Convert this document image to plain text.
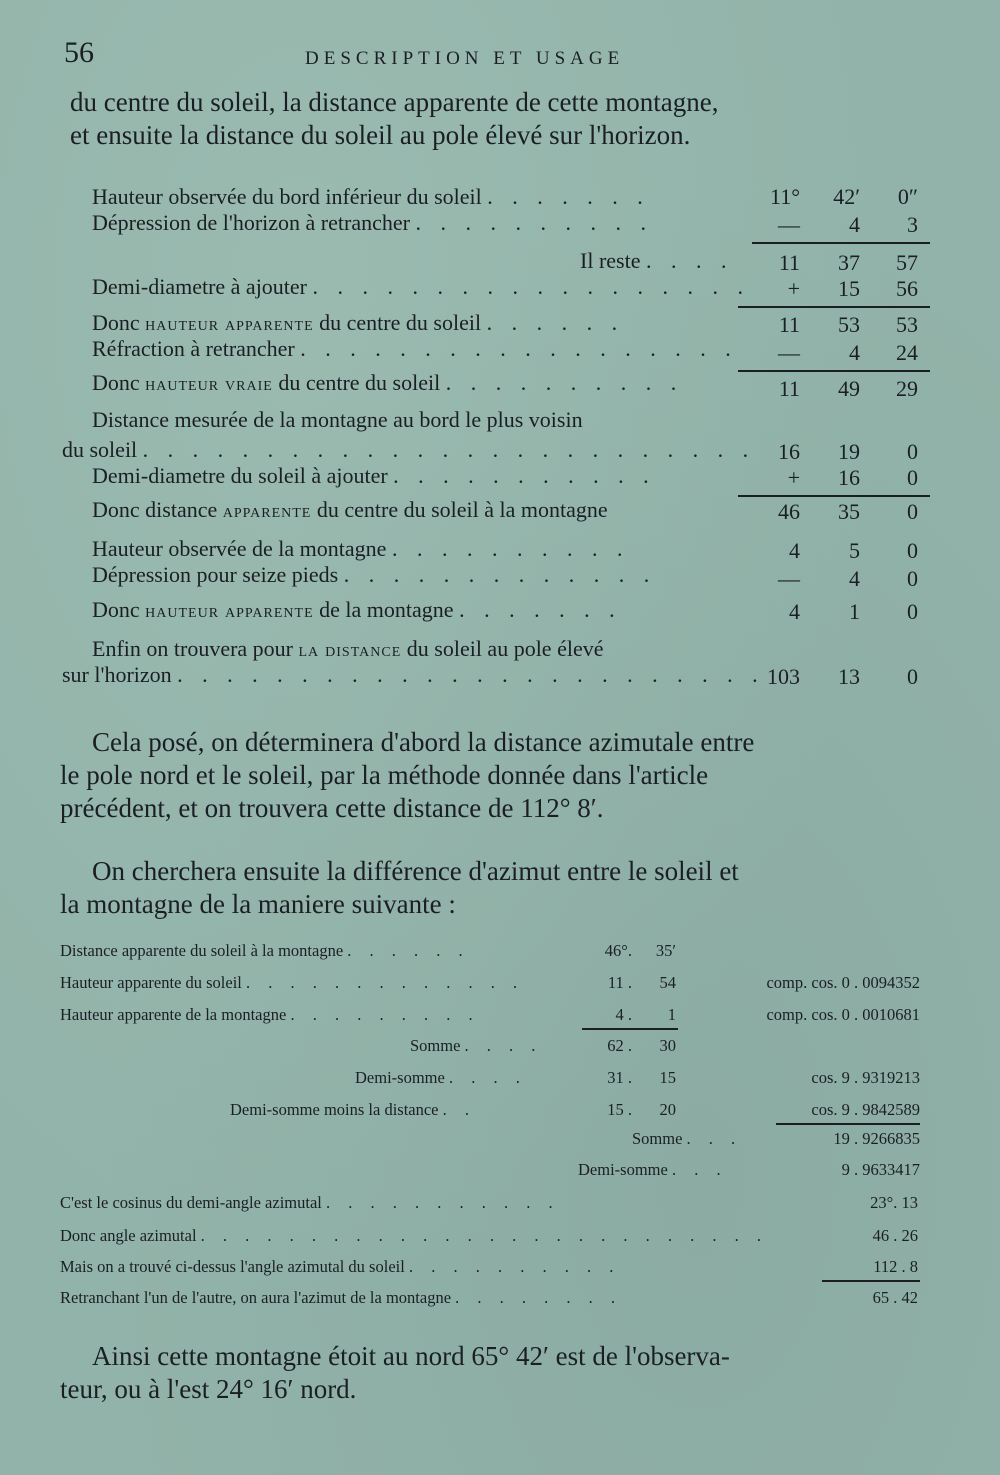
56	DESCRIPTION ET USAGE
du centre du soleil, la distance apparente de cette montagne,
et ensuite la distance du soleil au pole élevé sur l'horizon.
Hauteur observée du bord inférieur du soleil . . . . . . .	11°	42′	0″
Dépression de l'horizon à retrancher . . . . . . . . . .	—	4	3
Il reste . . . .	11	37	57
Demi-diametre à ajouter . . . . . . . . . . . . . . . . . .	+	15	56
Donc hauteur apparente du centre du soleil . . . . . .	11	53	53
Réfraction à retrancher . . . . . . . . . . . . . . . . . .	—	4	24
Donc hauteur vraie du centre du soleil . . . . . . . . . .	11	49	29
Distance mesurée de la montagne au bord le plus voisin
du soleil . . . . . . . . . . . . . . . . . . . . . . . . .	16	19	0
Demi-diametre du soleil à ajouter . . . . . . . . . . .	+	16	0
Donc distance apparente du centre du soleil à la montagne	46	35	0
Hauteur observée de la montagne . . . . . . . . . .	4	5	0
Dépression pour seize pieds . . . . . . . . . . . . .	—	4	0
Donc hauteur apparente de la montagne . . . . . . .	4	1	0
Enfin on trouvera pour la distance du soleil au pole élevé
sur l'horizon . . . . . . . . . . . . . . . . . . . . . . . . 103	13	0
Cela posé, on déterminera d'abord la distance azimutale entre
le pole nord et le soleil, par la méthode donnée dans l'article
précédent, et on trouvera cette distance de 112° 8′.
On cherchera ensuite la différence d'azimut entre le soleil et
la montagne de la maniere suivante :
Distance apparente du soleil à la montagne . . . . . .	46°.	35′
Hauteur apparente du soleil . . . . . . . . . . . . .	11 .	54	comp. cos. 0 . 0094352
Hauteur apparente de la montagne . . . . . . . . .	4 .	1	comp. cos. 0 . 0010681
Somme . . . .	62 .	30
Demi-somme . . . .	31 .	15	cos. 9 . 9319213
Demi-somme moins la distance . .	15 .	20	cos. 9 . 9842589
Somme . . .	19 . 9266835
Demi-somme . . .	9 . 9633417
C'est le cosinus du demi-angle azimutal . . . . . . . . . . .	23°. 13
Donc angle azimutal . . . . . . . . . . . . . . . . . . . . . . . . . .	46 . 26
Mais on a trouvé ci-dessus l'angle azimutal du soleil . . . . . . . . . .	112 . 8
Retranchant l'un de l'autre, on aura l'azimut de la montagne . . . . . . . .	65 . 42
Ainsi cette montagne étoit au nord 65° 42′ est de l'observa-
teur, ou à l'est 24° 16′ nord.
